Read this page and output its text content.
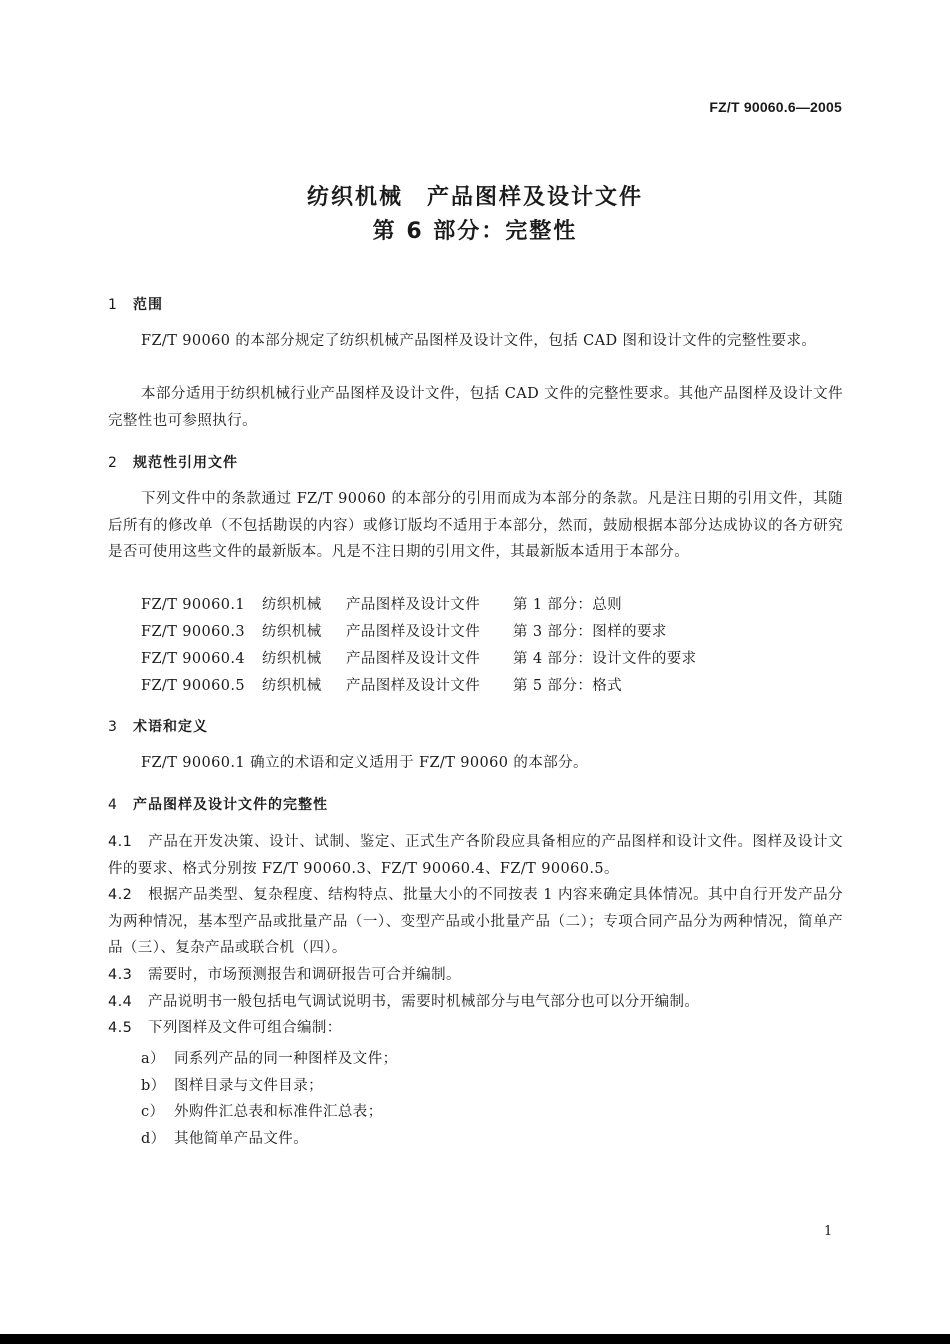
FZ/T 90060.6—2005
纺织机械　产品图样及设计文件
第 6 部分：完整性
1 范围
FZ/T 90060 的本部分规定了纺织机械产品图样及设计文件，包括 CAD 图和设计文件的完整性要求。
本部分适用于纺织机械行业产品图样及设计文件，包括 CAD 文件的完整性要求。其他产品图样及设计文件完整性也可参照执行。
2 规范性引用文件
下列文件中的条款通过 FZ/T 90060 的本部分的引用而成为本部分的条款。凡是注日期的引用文件，其随后所有的修改单（不包括勘误的内容）或修订版均不适用于本部分，然而，鼓励根据本部分达成协议的各方研究是否可使用这些文件的最新版本。凡是不注日期的引用文件，其最新版本适用于本部分。
FZ/T 90060.1 纺织机械 产品图样及设计文件 第 1 部分：总则
FZ/T 90060.3 纺织机械 产品图样及设计文件 第 3 部分：图样的要求
FZ/T 90060.4 纺织机械 产品图样及设计文件 第 4 部分：设计文件的要求
FZ/T 90060.5 纺织机械 产品图样及设计文件 第 5 部分：格式
3 术语和定义
FZ/T 90060.1 确立的术语和定义适用于 FZ/T 90060 的本部分。
4 产品图样及设计文件的完整性
4.1 产品在开发决策、设计、试制、鉴定、正式生产各阶段应具备相应的产品图样和设计文件。图样及设计文件的要求、格式分别按 FZ/T 90060.3、FZ/T 90060.4、FZ/T 90060.5。
4.2 根据产品类型、复杂程度、结构特点、批量大小的不同按表 1 内容来确定具体情况。其中自行开发产品分为两种情况，基本型产品或批量产品（一）、变型产品或小批量产品（二）；专项合同产品分为两种情况，简单产品（三）、复杂产品或联合机（四）。
4.3 需要时，市场预测报告和调研报告可合并编制。
4.4 产品说明书一般包括电气调试说明书，需要时机械部分与电气部分也可以分开编制。
4.5 下列图样及文件可组合编制：
a） 同系列产品的同一种图样及文件；
b） 图样目录与文件目录；
c） 外购件汇总表和标准件汇总表；
d） 其他简单产品文件。
1
